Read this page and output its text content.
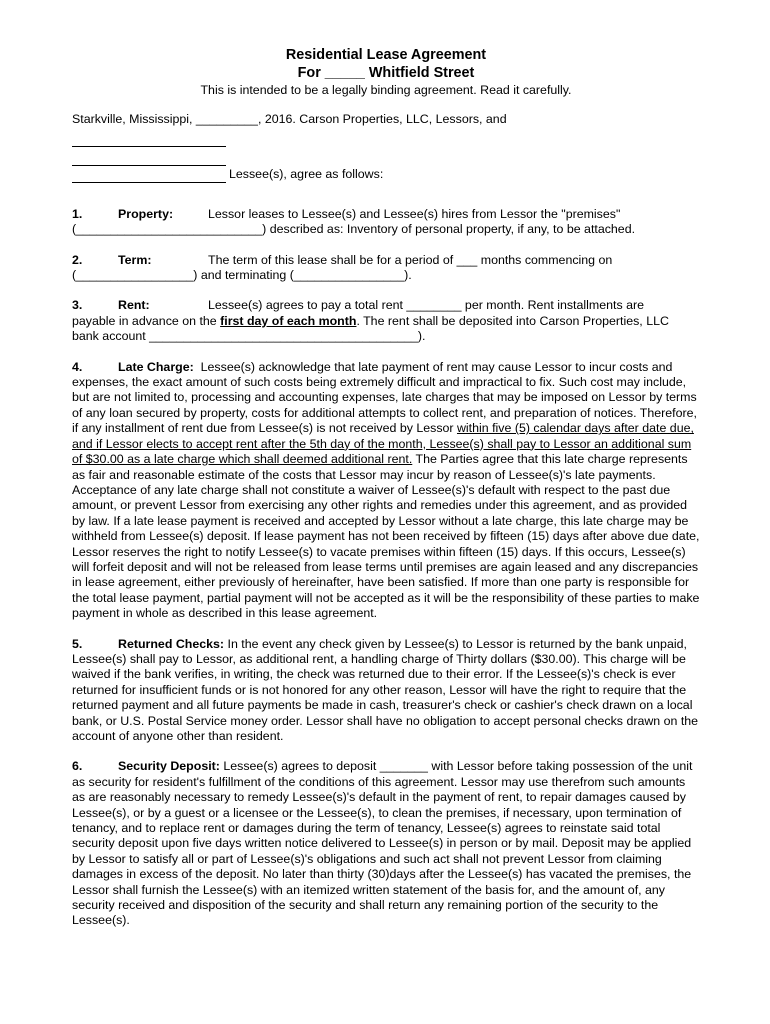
Residential Lease Agreement
For _____ Whitfield Street
This is intended to be a legally binding agreement. Read it carefully.
Starkville, Mississippi, _________, 2016. Carson Properties, LLC, Lessors, and
Lessee(s), agree as follows:

1.	Property:	Lessor leases to Lessee(s) and Lessee(s) hires from Lessor the "premises"

(___________________________) described as: Inventory of personal property, if any, to be attached.

2.	Term:	The term of this lease shall be for a period of ___ months commencing on

(_________________) and terminating (________________).

3.	Rent:	Lessee(s) agrees to pay a total rent ________ per month. Rent installments are

payable in advance on the first day of each month. The rent shall be deposited into Carson Properties, LLC

bank account _______________________________________).

4.	Late Charge: Lessee(s) acknowledge that late payment of rent may cause Lessor to incur costs and expenses, the exact amount of such costs being extremely difficult and impractical to fix. Such cost may include, but are not limited to, processing and accounting expenses, late charges that may be imposed on Lessor by terms of any loan secured by property, costs for additional attempts to collect rent, and preparation of notices. Therefore, if any installment of rent due from Lessee(s) is not received by Lessor within five (5) calendar days after date due, and if Lessor elects to accept rent after the 5th day of the month, Lessee(s) shall pay to Lessor an additional sum of $30.00 as a late charge which shall deemed additional rent. The Parties agree that this late charge represents as fair and reasonable estimate of the costs that Lessor may incur by reason of Lessee(s)'s late payments. Acceptance of any late charge shall not constitute a waiver of Lessee(s)'s default with respect to the past due amount, or prevent Lessor from exercising any other rights and remedies under this agreement, and as provided by law. If a late lease payment is received and accepted by Lessor without a late charge, this late charge may be withheld from Lessee(s) deposit. If lease payment has not been received by fifteen (15) days after above due date, Lessor reserves the right to notify Lessee(s) to vacate premises within fifteen (15) days. If this occurs, Lessee(s) will forfeit deposit and will not be released from lease terms until premises are again leased and any discrepancies in lease agreement, either previously of hereinafter, have been satisfied. If more than one party is responsible for the total lease payment, partial payment will not be accepted as it will be the responsibility of these parties to make payment in whole as described in this lease agreement.

5.	Returned Checks: In the event any check given by Lessee(s) to Lessor is returned by the bank unpaid, Lessee(s) shall pay to Lessor, as additional rent, a handling charge of Thirty dollars ($30.00). This charge will be waived if the bank verifies, in writing, the check was returned due to their error. If the Lessee(s)'s check is ever returned for insufficient funds or is not honored for any other reason, Lessor will have the right to require that the returned payment and all future payments be made in cash, treasurer's check or cashier's check drawn on a local bank, or U.S. Postal Service money order. Lessor shall have no obligation to accept personal checks drawn on the account of anyone other than resident.

6.	Security Deposit: Lessee(s) agrees to deposit _______ with Lessor before taking possession of the unit as security for resident's fulfillment of the conditions of this agreement. Lessor may use therefrom such amounts as are reasonably necessary to remedy Lessee(s)'s default in the payment of rent, to repair damages caused by Lessee(s), or by a guest or a licensee or the Lessee(s), to clean the premises, if necessary, upon termination of tenancy, and to replace rent or damages during the term of tenancy, Lessee(s) agrees to reinstate said total security deposit upon five days written notice delivered to Lessee(s) in person or by mail. Deposit may be applied by Lessor to satisfy all or part of Lessee(s)'s obligations and such act shall not prevent Lessor from claiming damages in excess of the deposit. No later than thirty (30)days after the Lessee(s) has vacated the premises, the Lessor shall furnish the Lessee(s) with an itemized written statement of the basis for, and the amount of, any security received and disposition of the security and shall return any remaining portion of the security to the Lessee(s).
